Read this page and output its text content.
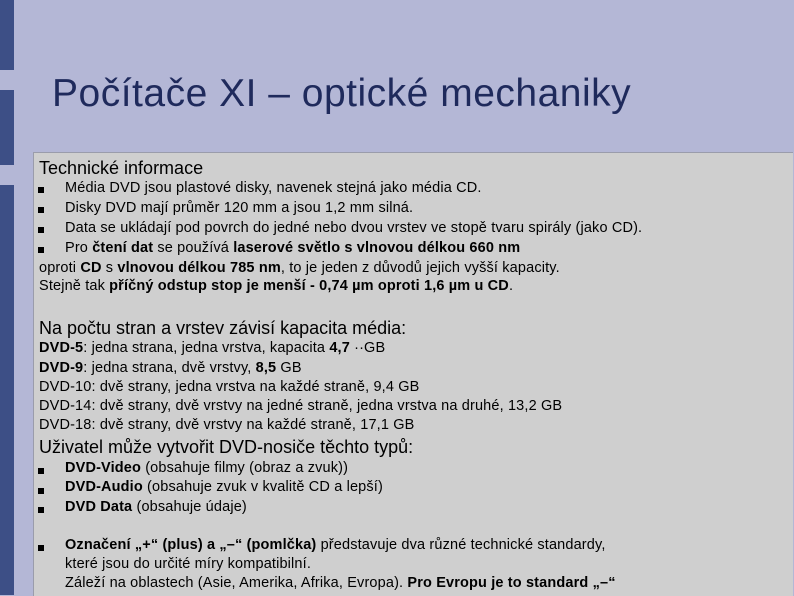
Počítače XI – optické mechaniky
Technické informace
Média DVD jsou plastové disky, navenek stejná jako média CD.
Disky DVD mají průměr 120 mm a jsou 1,2 mm silná.
Data se ukládají pod povrch do jedné nebo dvou vrstev ve stopě tvaru spirály (jako CD).
Pro čtení dat se používá laserové světlo s vlnovou délkou 660 nm
oproti CD s vlnovou délkou 785 nm, to je jeden z důvodů jejich vyšší kapacity.
Stejně tak příčný odstup stop je menší - 0,74 µm oproti 1,6 µm u CD.
Na počtu stran a vrstev závisí kapacita média:
DVD-5: jedna strana, jedna vrstva, kapacita 4,7 ··GB
DVD-9: jedna strana, dvě vrstvy, 8,5 GB
DVD-10: dvě strany, jedna vrstva na každé straně, 9,4 GB
DVD-14: dvě strany, dvě vrstvy na jedné straně, jedna vrstva na druhé, 13,2 GB
DVD-18: dvě strany, dvě vrstvy na každé straně, 17,1 GB
Uživatel může vytvořit DVD-nosiče těchto typů:
DVD-Video (obsahuje filmy (obraz a zvuk))
DVD-Audio (obsahuje zvuk v kvalitě CD a lepší)
DVD Data (obsahuje údaje)
Označení „+“ (plus) a „–“ (pomlčka) představuje dva různé technické standardy,
které jsou do určité míry kompatibilní.
Záleží na oblastech (Asie, Amerika, Afrika, Evropa). Pro Evropu je to standard „–“
